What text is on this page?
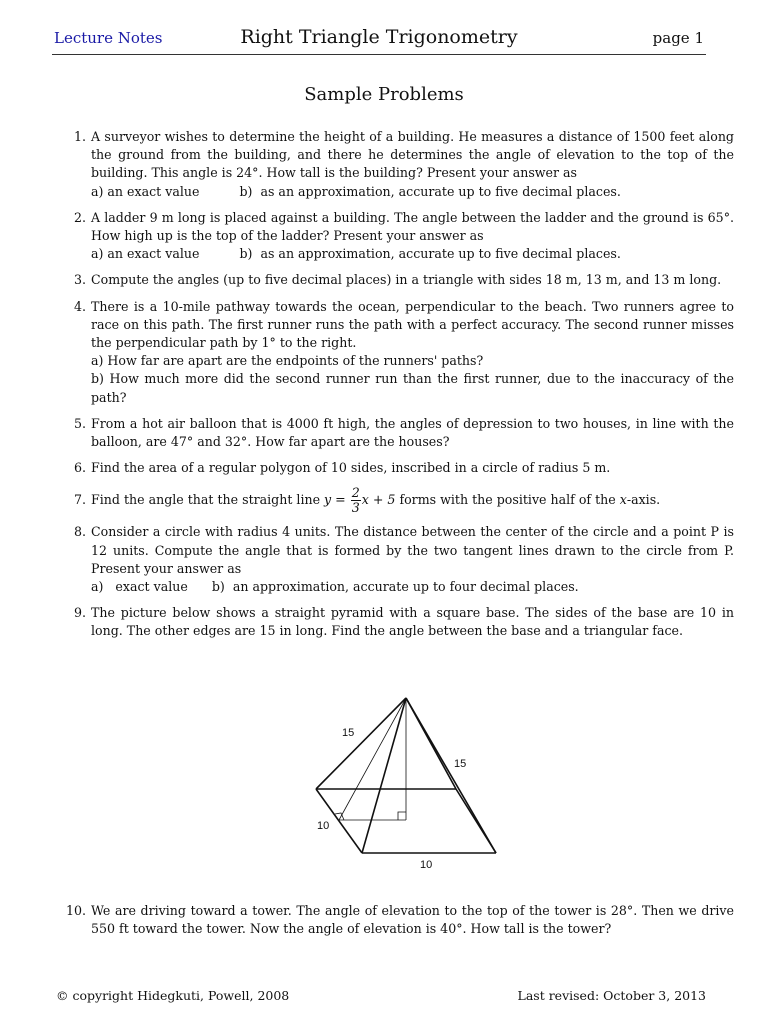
Lecture Notes	Right Triangle Trigonometry	page 1
Sample Problems
1. A surveyor wishes to determine the height of a building. He measures a distance of 1500 feet along the ground from the building, and there he determines the angle of elevation to the top of the building. This angle is 24°. How tall is the building? Present your answer as
a) an exact value          b)  as an approximation, accurate up to five decimal places.
2. A ladder 9 m long is placed against a building. The angle between the ladder and the ground is 65°. How high up is the top of the ladder? Present your answer as
a) an exact value          b)  as an approximation, accurate up to five decimal places.
3. Compute the angles (up to five decimal places) in a triangle with sides 18 m, 13 m, and 13 m long.
4. There is a 10-mile pathway towards the ocean, perpendicular to the beach. Two runners agree to race on this path. The first runner runs the path with a perfect accuracy. The second runner misses the perpendicular path by 1° to the right.
a) How far are apart are the endpoints of the runners' paths?
b) How much more did the second runner run than the first runner, due to the inaccuracy of the path?
5. From a hot air balloon that is 4000 ft high, the angles of depression to two houses, in line with the balloon, are 47° and 32°. How far apart are the houses?
6. Find the area of a regular polygon of 10 sides, inscribed in a circle of radius 5 m.
7. Find the angle that the straight line $y = \frac{2}{3}$ x + 5 forms with the positive half of the x-axis.
8. Consider a circle with radius 4 units. The distance between the center of the circle and a point P is 12 units. Compute the angle that is formed by the two tangent lines drawn to the circle from P. Present your answer as
a)   exact value      b)  an approximation, accurate up to four decimal places.
9. The picture below shows a straight pyramid with a square base. The sides of the base are 10 in long. The other edges are 15 in long. Find the angle between the base and a triangular face.
15
15
10
10
10. We are driving toward a tower. The angle of elevation to the top of the tower is 28°. Then we drive 550 ft toward the tower. Now the angle of elevation is 40°. How tall is the tower?
© copyright Hidegkuti, Powell, 2008	Last revised: October 3, 2013
